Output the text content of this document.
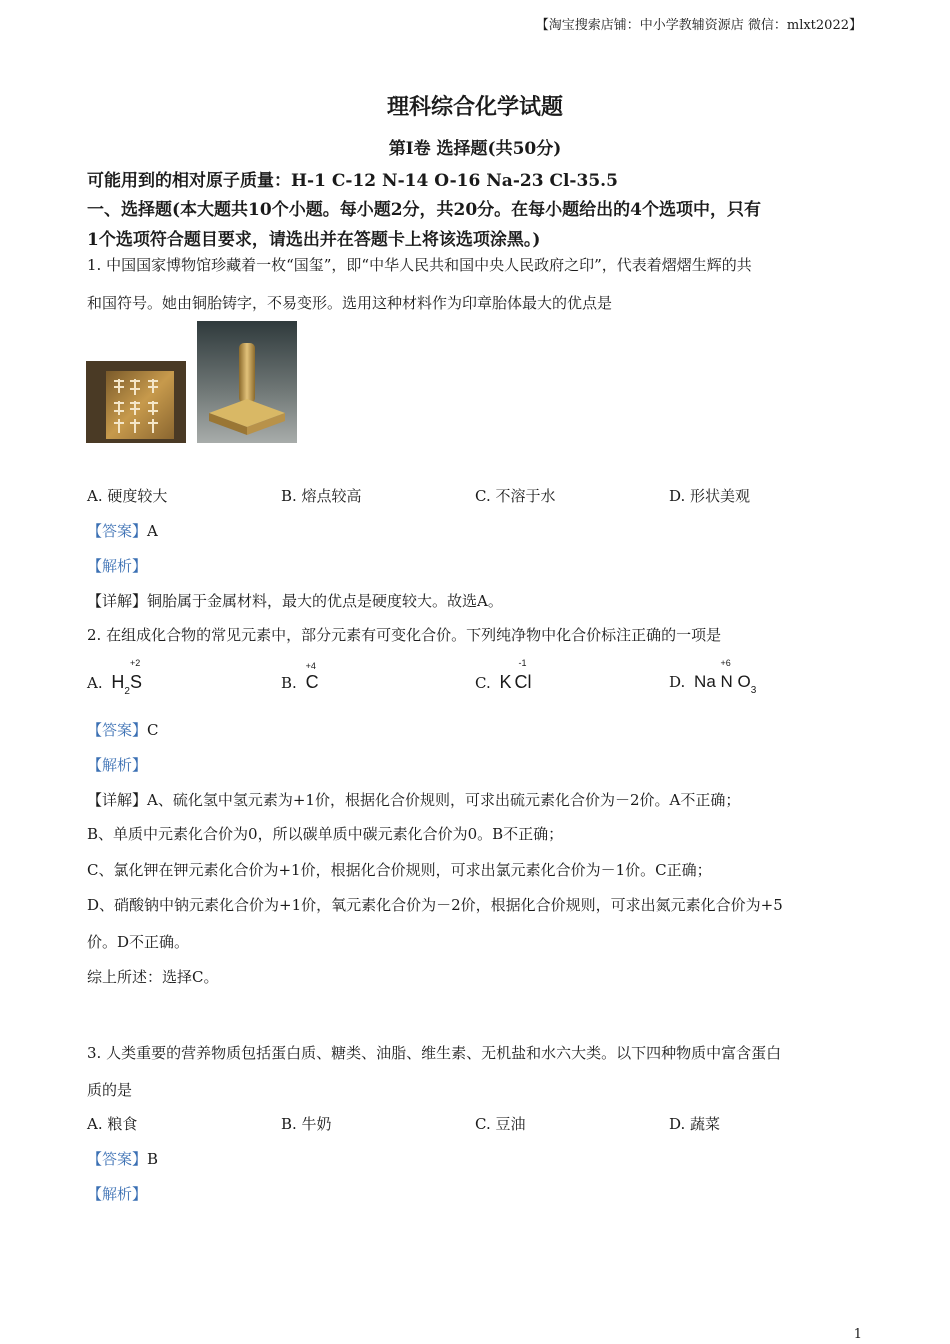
【淘宝搜索店铺：中小学教辅资源店 微信：mlxt2022】
理科综合化学试题
第Ⅰ卷 选择题(共50分)
可能用到的相对原子质量：H-1 C-12 N-14 O-16 Na-23 Cl-35.5
一、选择题(本大题共10个小题。每小题2分，共20分。在每小题给出的4个选项中，只有
1个选项符合题目要求，请选出并在答题卡上将该选项涂黑。)
1. 中国国家博物馆珍藏着一枚“国玺”，即“中华人民共和国中央人民政府之印”，代表着熠熠生辉的共
和国符号。她由铜胎铸字，不易变形。选用这种材料作为印章胎体最大的优点是
A. 硬度较大	B. 熔点较高	C. 不溶于水	D. 形状美观
【答案】A
【解析】
【详解】铜胎属于金属材料，最大的优点是硬度较大。故选A。
2. 在组成化合物的常见元素中，部分元素有可变化合价。下列纯净物中化合价标注正确的一项是
A. $H_2$
+2
S	B.
+4
C	C. K
-1
Cl	D. Na
+6
N $O_3$
【答案】C
【解析】
【详解】A、硫化氢中氢元素为+1价，根据化合价规则，可求出硫元素化合价为－2价。A不正确；
B、单质中元素化合价为0，所以碳单质中碳元素化合价为0。B不正确；
C、氯化钾在钾元素化合价为+1价，根据化合价规则，可求出氯元素化合价为－1价。C正确；
D、硝酸钠中钠元素化合价为+1价，氧元素化合价为－2价，根据化合价规则，可求出氮元素化合价为+5
价。D不正确。
综上所述：选择C。
3. 人类重要的营养物质包括蛋白质、糖类、油脂、维生素、无机盐和水六大类。以下四种物质中富含蛋白
质的是
A. 粮食	B. 牛奶	C. 豆油	D. 蔬菜
【答案】B
【解析】
1
